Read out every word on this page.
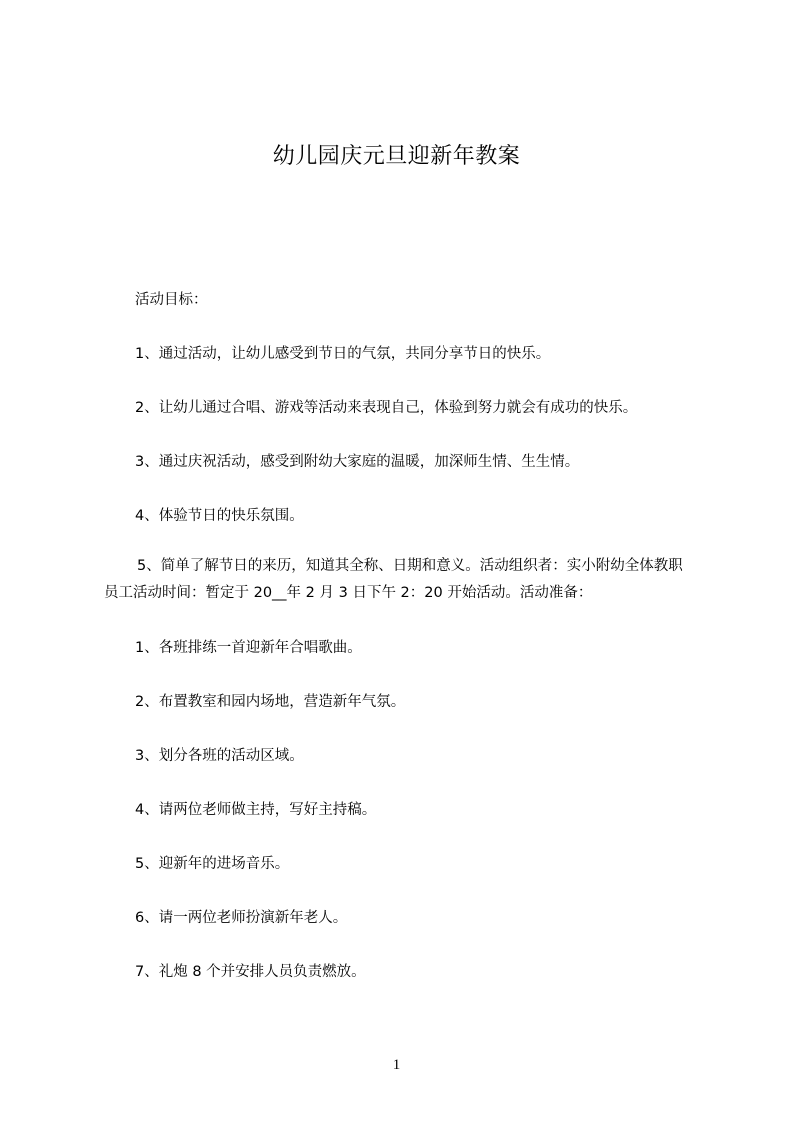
幼儿园庆元旦迎新年教案
活动目标：
1、通过活动，让幼儿感受到节日的气氛，共同分享节日的快乐。
2、让幼儿通过合唱、游戏等活动来表现自己，体验到努力就会有成功的快乐。
3、通过庆祝活动，感受到附幼大家庭的温暖，加深师生情、生生情。
4、体验节日的快乐氛围。
5、简单了解节日的来历，知道其全称、日期和意义。活动组织者：实小附幼全体教职员工活动时间：暂定于 20__年 2 月 3 日下午 2：20 开始活动。活动准备：
1、各班排练一首迎新年合唱歌曲。
2、布置教室和园内场地，营造新年气氛。
3、划分各班的活动区域。
4、请两位老师做主持，写好主持稿。
5、迎新年的进场音乐。
6、请一两位老师扮演新年老人。
7、礼炮 8 个并安排人员负责燃放。
1
